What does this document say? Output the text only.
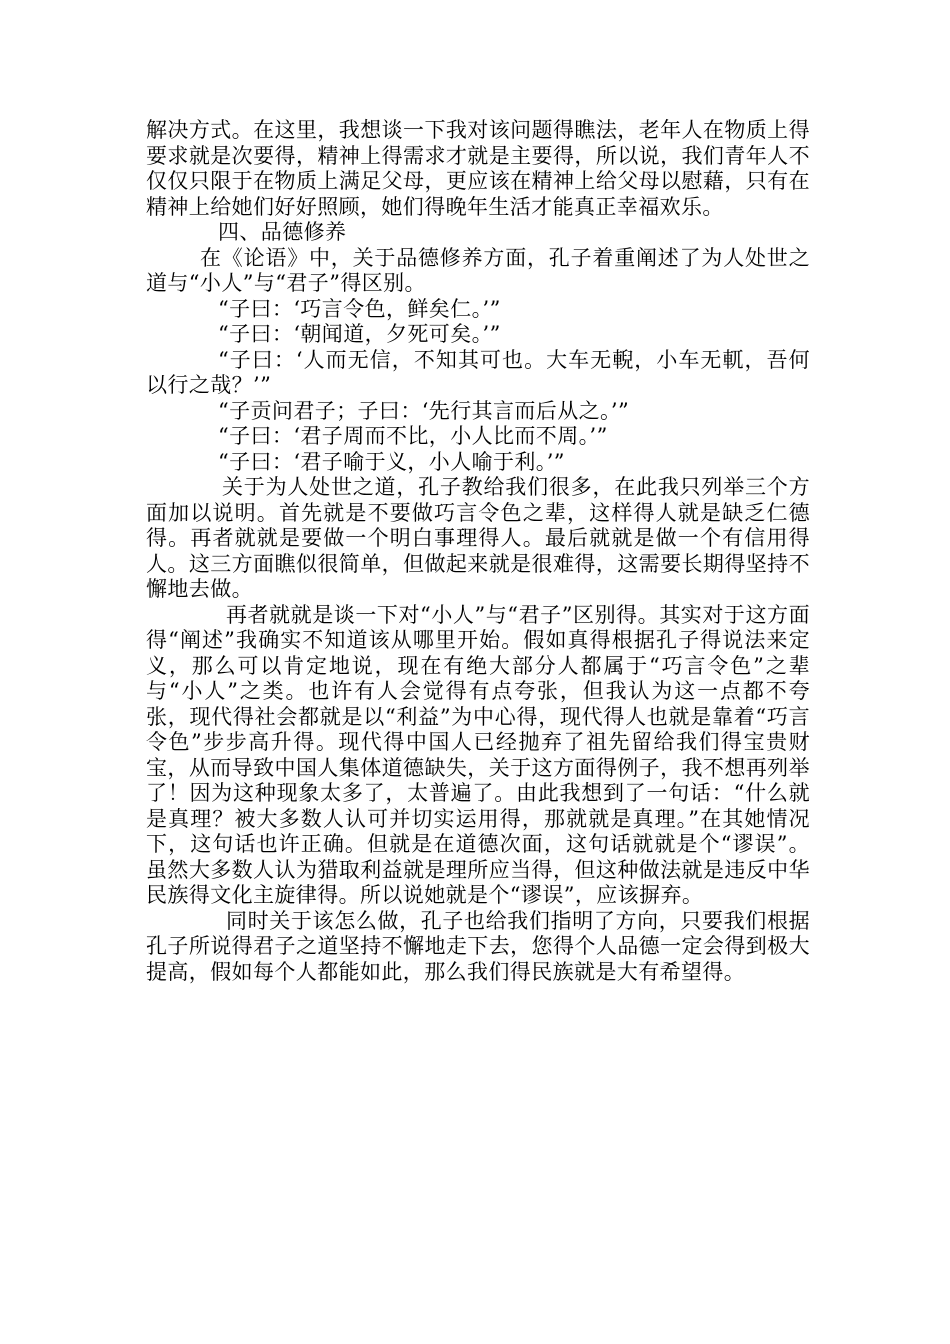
解决方式。在这里，我想谈一下我对该问题得瞧法，老年人在物质上得要求就是次要得，精神上得需求才就是主要得，所以说，我们青年人不仅仅只限于在物质上满足父母，更应该在精神上给父母以慰藉，只有在精神上给她们好好照顾，她们得晚年生活才能真正幸福欢乐。

四、品德修养

在《论语》中，关于品德修养方面，孔子着重阐述了为人处世之道与“小人”与“君子”得区别。

“子曰：‘巧言令色，鲜矣仁。’”

“子曰：‘朝闻道，夕死可矣。’”

“子曰：‘人而无信，不知其可也。大车无輗，小车无軏，吾何以行之哉？’”

“子贡问君子；子曰：‘先行其言而后从之。’”

“子曰：‘君子周而不比，小人比而不周。’”

“子曰：‘君子喻于义，小人喻于利。’”

关于为人处世之道，孔子教给我们很多，在此我只列举三个方面加以说明。首先就是不要做巧言令色之辈，这样得人就是缺乏仁德得。再者就就是要做一个明白事理得人。最后就就是做一个有信用得人。这三方面瞧似很简单，但做起来就是很难得，这需要长期得坚持不懈地去做。

再者就就是谈一下对“小人”与“君子”区别得。其实对于这方面得“阐述”我确实不知道该从哪里开始。假如真得根据孔子得说法来定义，那么可以肯定地说，现在有绝大部分人都属于“巧言令色”之辈与“小人”之类。也许有人会觉得有点夸张，但我认为这一点都不夸张，现代得社会都就是以“利益”为中心得，现代得人也就是靠着“巧言令色”步步高升得。现代得中国人已经抛弃了祖先留给我们得宝贵财宝，从而导致中国人集体道德缺失，关于这方面得例子，我不想再列举了！因为这种现象太多了，太普遍了。由此我想到了一句话：“什么就是真理？被大多数人认可并切实运用得，那就就是真理。”在其她情况下，这句话也许正确。但就是在道德次面，这句话就就是个“谬误”。虽然大多数人认为猎取利益就是理所应当得，但这种做法就是违反中华民族得文化主旋律得。所以说她就是个“谬误”，应该摒弃。

同时关于该怎么做，孔子也给我们指明了方向，只要我们根据孔子所说得君子之道坚持不懈地走下去，您得个人品德一定会得到极大提高，假如每个人都能如此，那么我们得民族就是大有希望得。
